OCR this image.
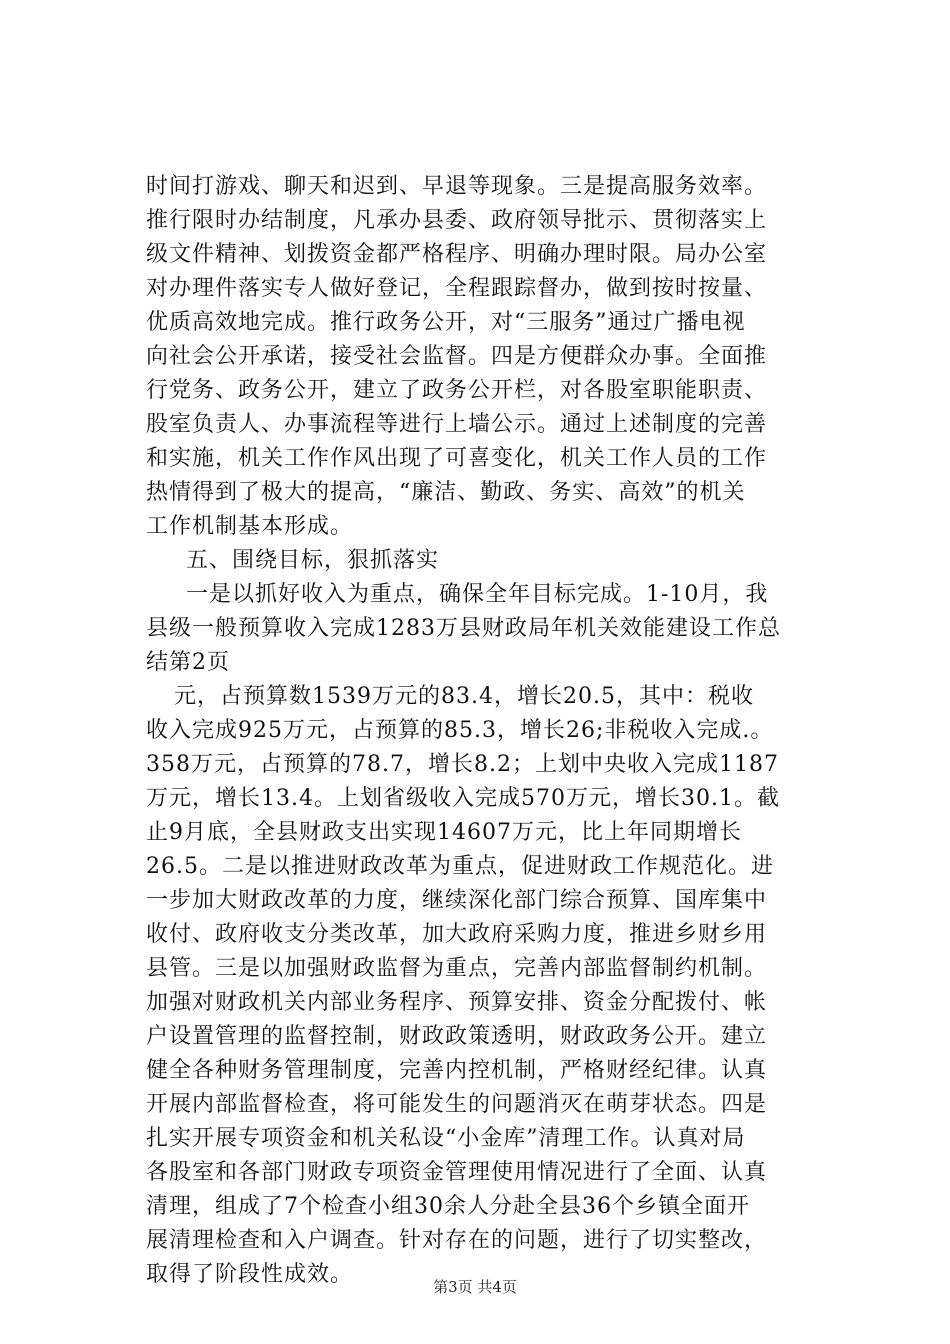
时间打游戏、聊天和迟到、早退等现象。三是提高服务效率。
推行限时办结制度，凡承办县委、政府领导批示、贯彻落实上
级文件精神、划拨资金都严格程序、明确办理时限。局办公室
对办理件落实专人做好登记，全程跟踪督办，做到按时按量、
优质高效地完成。推行政务公开，对“三服务”通过广播电视
向社会公开承诺，接受社会监督。四是方便群众办事。全面推
行党务、政务公开，建立了政务公开栏，对各股室职能职责、
股室负责人、办事流程等进行上墙公示。通过上述制度的完善
和实施，机关工作作风出现了可喜变化，机关工作人员的工作
热情得到了极大的提高，“廉洁、勤政、务实、高效”的机关
工作机制基本形成。
五、围绕目标，狠抓落实
一是以抓好收入为重点，确保全年目标完成。1-10月，我
县级一般预算收入完成1283万县财政局年机关效能建设工作总
结第2页
元，占预算数1539万元的83.4，增长20.5，其中：税收
收入完成925万元，占预算的85.3，增长26;非税收入完成.。
358万元，占预算的78.7，增长8.2；上划中央收入完成1187
万元，增长13.4。上划省级收入完成570万元，增长30.1。截
止9月底，全县财政支出实现14607万元，比上年同期增长
26.5。二是以推进财政改革为重点，促进财政工作规范化。进
一步加大财政改革的力度，继续深化部门综合预算、国库集中
收付、政府收支分类改革，加大政府采购力度，推进乡财乡用
县管。三是以加强财政监督为重点，完善内部监督制约机制。
加强对财政机关内部业务程序、预算安排、资金分配拨付、帐
户设置管理的监督控制，财政政策透明，财政政务公开。建立
健全各种财务管理制度，完善内控机制，严格财经纪律。认真
开展内部监督检查，将可能发生的问题消灭在萌芽状态。四是
扎实开展专项资金和机关私设“小金库”清理工作。认真对局
各股室和各部门财政专项资金管理使用情况进行了全面、认真
清理，组成了7个检查小组30余人分赴全县36个乡镇全面开
展清理检查和入户调查。针对存在的问题，进行了切实整改，
取得了阶段性成效。	第3页 共4页
